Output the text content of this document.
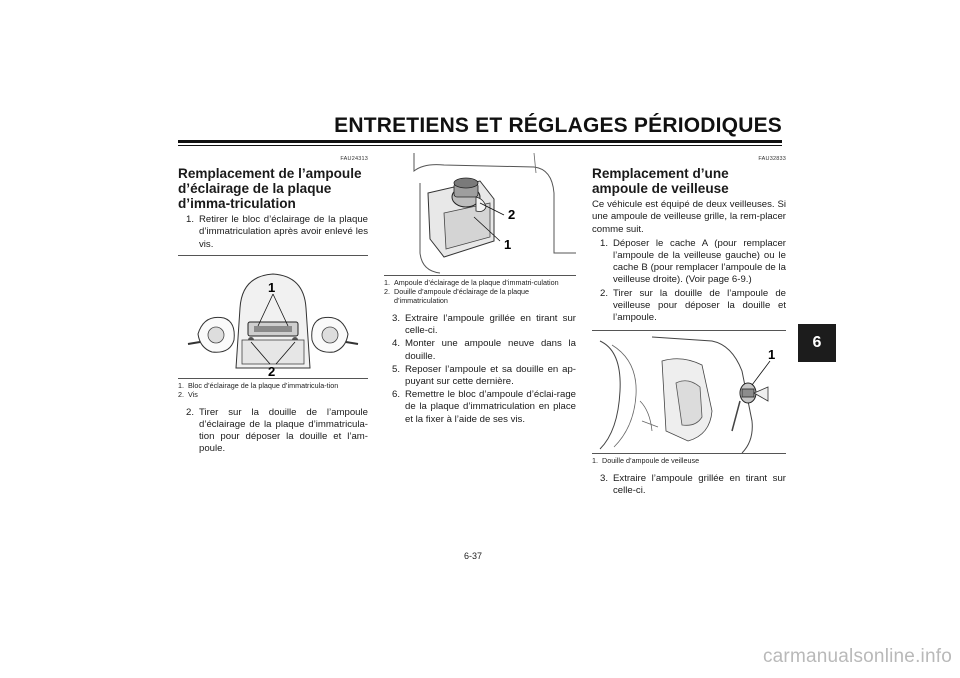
ENTRETIENS ET RÉGLAGES PÉRIODIQUES
6
FAU24313
Remplacement de l’ampoule d’éclairage de la plaque d’imma-triculation
1. Retirer le bloc d’éclairage de la plaque d’immatriculation après avoir enlevé les vis.
1
2
1. Bloc d’éclairage de la plaque d’immatricula-tion
2. Vis
2. Tirer sur la douille de l’ampoule d’éclairage de la plaque d’immatricula-tion pour déposer la douille et l’am-poule.
2
1
1. Ampoule d’éclairage de la plaque d’immatri-culation
2. Douille d’ampoule d’éclairage de la plaque d’immatriculation
3. Extraire l’ampoule grillée en tirant sur celle-ci.
4. Monter une ampoule neuve dans la douille.
5. Reposer l’ampoule et sa douille en ap-puyant sur cette dernière.
6. Remettre le bloc d’ampoule d’éclai-rage de la plaque d’immatriculation en place et la fixer à l’aide de ses vis.
FAU32833
Remplacement d’une ampoule de veilleuse
Ce véhicule est équipé de deux veilleuses. Si une ampoule de veilleuse grille, la rem-placer comme suit.
1. Déposer le cache A (pour remplacer l’ampoule de la veilleuse gauche) ou le cache B (pour remplacer l’ampoule de la veilleuse droite). (Voir page 6-9.)
2. Tirer sur la douille de l’ampoule de veilleuse pour déposer la douille et l’ampoule.
1
1. Douille d’ampoule de veilleuse
3. Extraire l’ampoule grillée en tirant sur celle-ci.
6-37
carmanualsonline.info
